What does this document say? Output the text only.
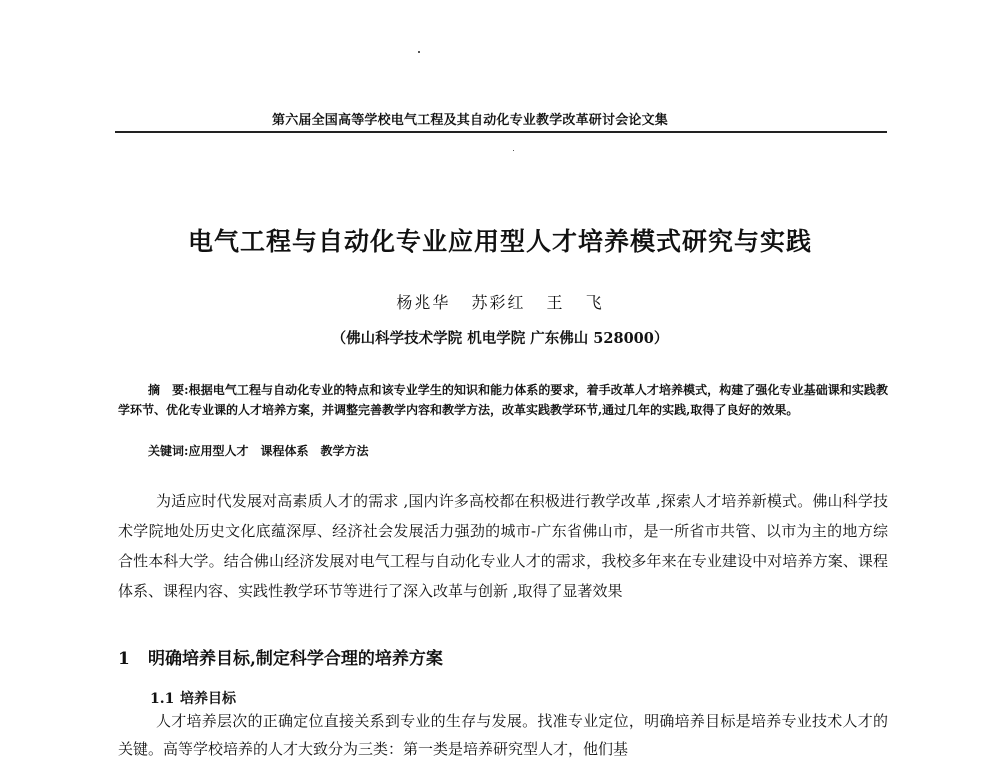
第六届全国高等学校电气工程及其自动化专业教学改革研讨会论文集
电气工程与自动化专业应用型人才培养模式研究与实践
杨兆华 苏彩红 王 飞
（佛山科学技术学院 机电学院 广东佛山 528000）
摘　要:根据电气工程与自动化专业的特点和该专业学生的知识和能力体系的要求，着手改革人才培养模式，构建了强化专业基础课和实践教学环节、优化专业课的人才培养方案，并调整完善教学内容和教学方法，改革实践教学环节,通过几年的实践,取得了良好的效果。
关键词:应用型人才　课程体系　教学方法
为适应时代发展对高素质人才的需求 ,国内许多高校都在积极进行教学改革 ,探索人才培养新模式。佛山科学技术学院地处历史文化底蕴深厚、经济社会发展活力强劲的城市-广东省佛山市，是一所省市共管、以市为主的地方综合性本科大学。结合佛山经济发展对电气工程与自动化专业人才的需求，我校多年来在专业建设中对培养方案、课程体系、课程内容、实践性教学环节等进行了深入改革与创新 ,取得了显著效果
1 明确培养目标,制定科学合理的培养方案
1.1 培养目标
人才培养层次的正确定位直接关系到专业的生存与发展。找准专业定位，明确培养目标是培养专业技术人才的关键。高等学校培养的人才大致分为三类：第一类是培养研究型人才，他们基
